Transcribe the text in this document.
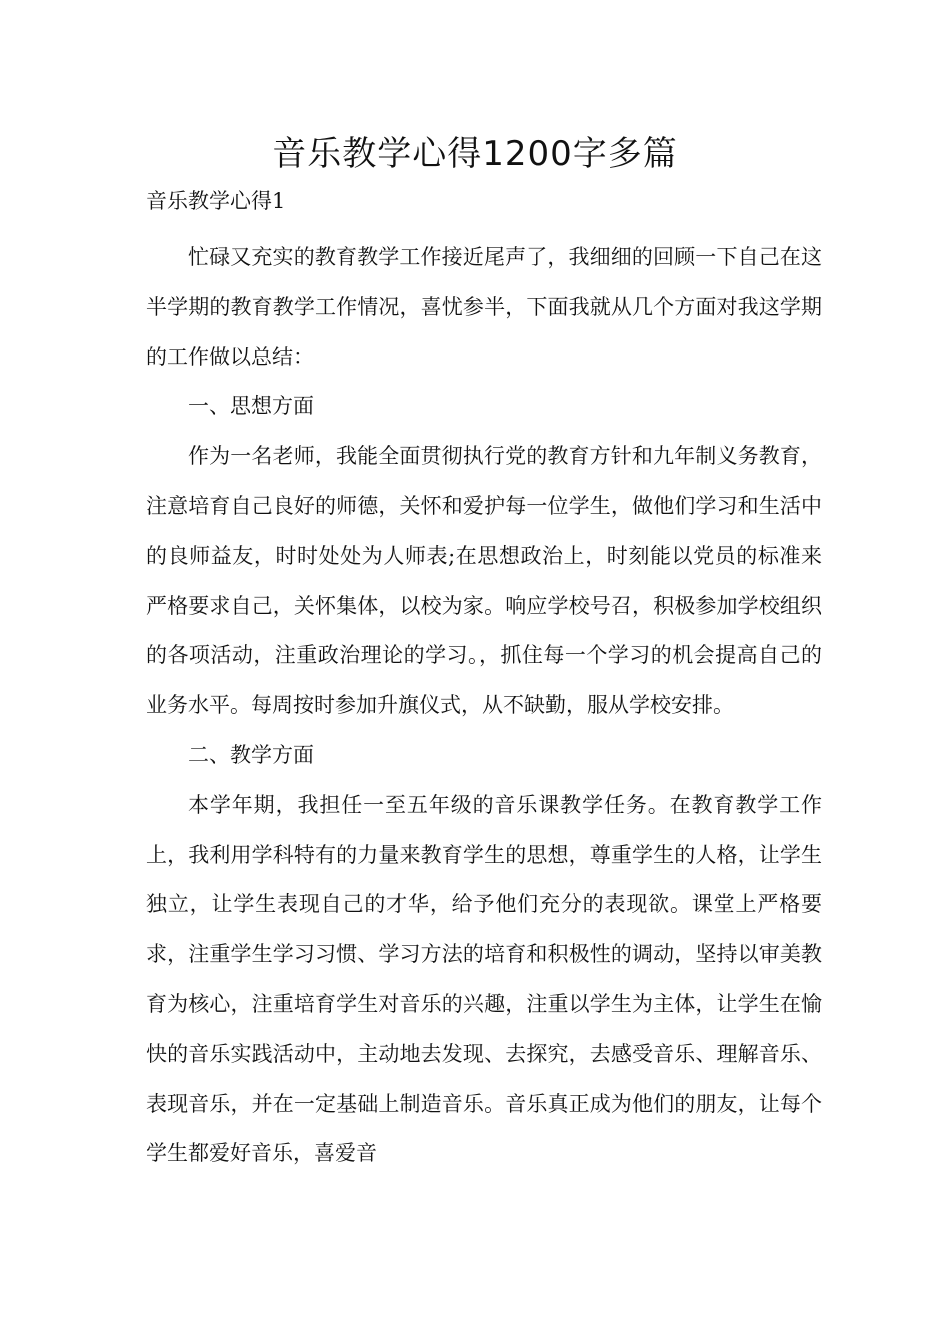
音乐教学心得1200字多篇
音乐教学心得1

忙碌又充实的教育教学工作接近尾声了，我细细的回顾一下自己在这半学期的教育教学工作情况，喜忧参半，下面我就从几个方面对我这学期的工作做以总结：

一、思想方面

作为一名老师，我能全面贯彻执行党的教育方针和九年制义务教育，注意培育自己良好的师德，关怀和爱护每一位学生，做他们学习和生活中的良师益友，时时处处为人师表;在思想政治上，时刻能以党员的标准来严格要求自己，关怀集体，以校为家。响应学校号召，积极参加学校组织的各项活动，注重政治理论的学习。，抓住每一个学习的机会提高自己的业务水平。每周按时参加升旗仪式，从不缺勤，服从学校安排。

二、教学方面

本学年期，我担任一至五年级的音乐课教学任务。在教育教学工作上，我利用学科特有的力量来教育学生的思想，尊重学生的人格，让学生独立，让学生表现自己的才华，给予他们充分的表现欲。课堂上严格要求，注重学生学习习惯、学习方法的培育和积极性的调动，坚持以审美教育为核心，注重培育学生对音乐的兴趣，注重以学生为主体，让学生在愉快的音乐实践活动中，主动地去发现、去探究，去感受音乐、理解音乐、表现音乐，并在一定基础上制造音乐。音乐真正成为他们的朋友，让每个学生都爱好音乐，喜爱音
